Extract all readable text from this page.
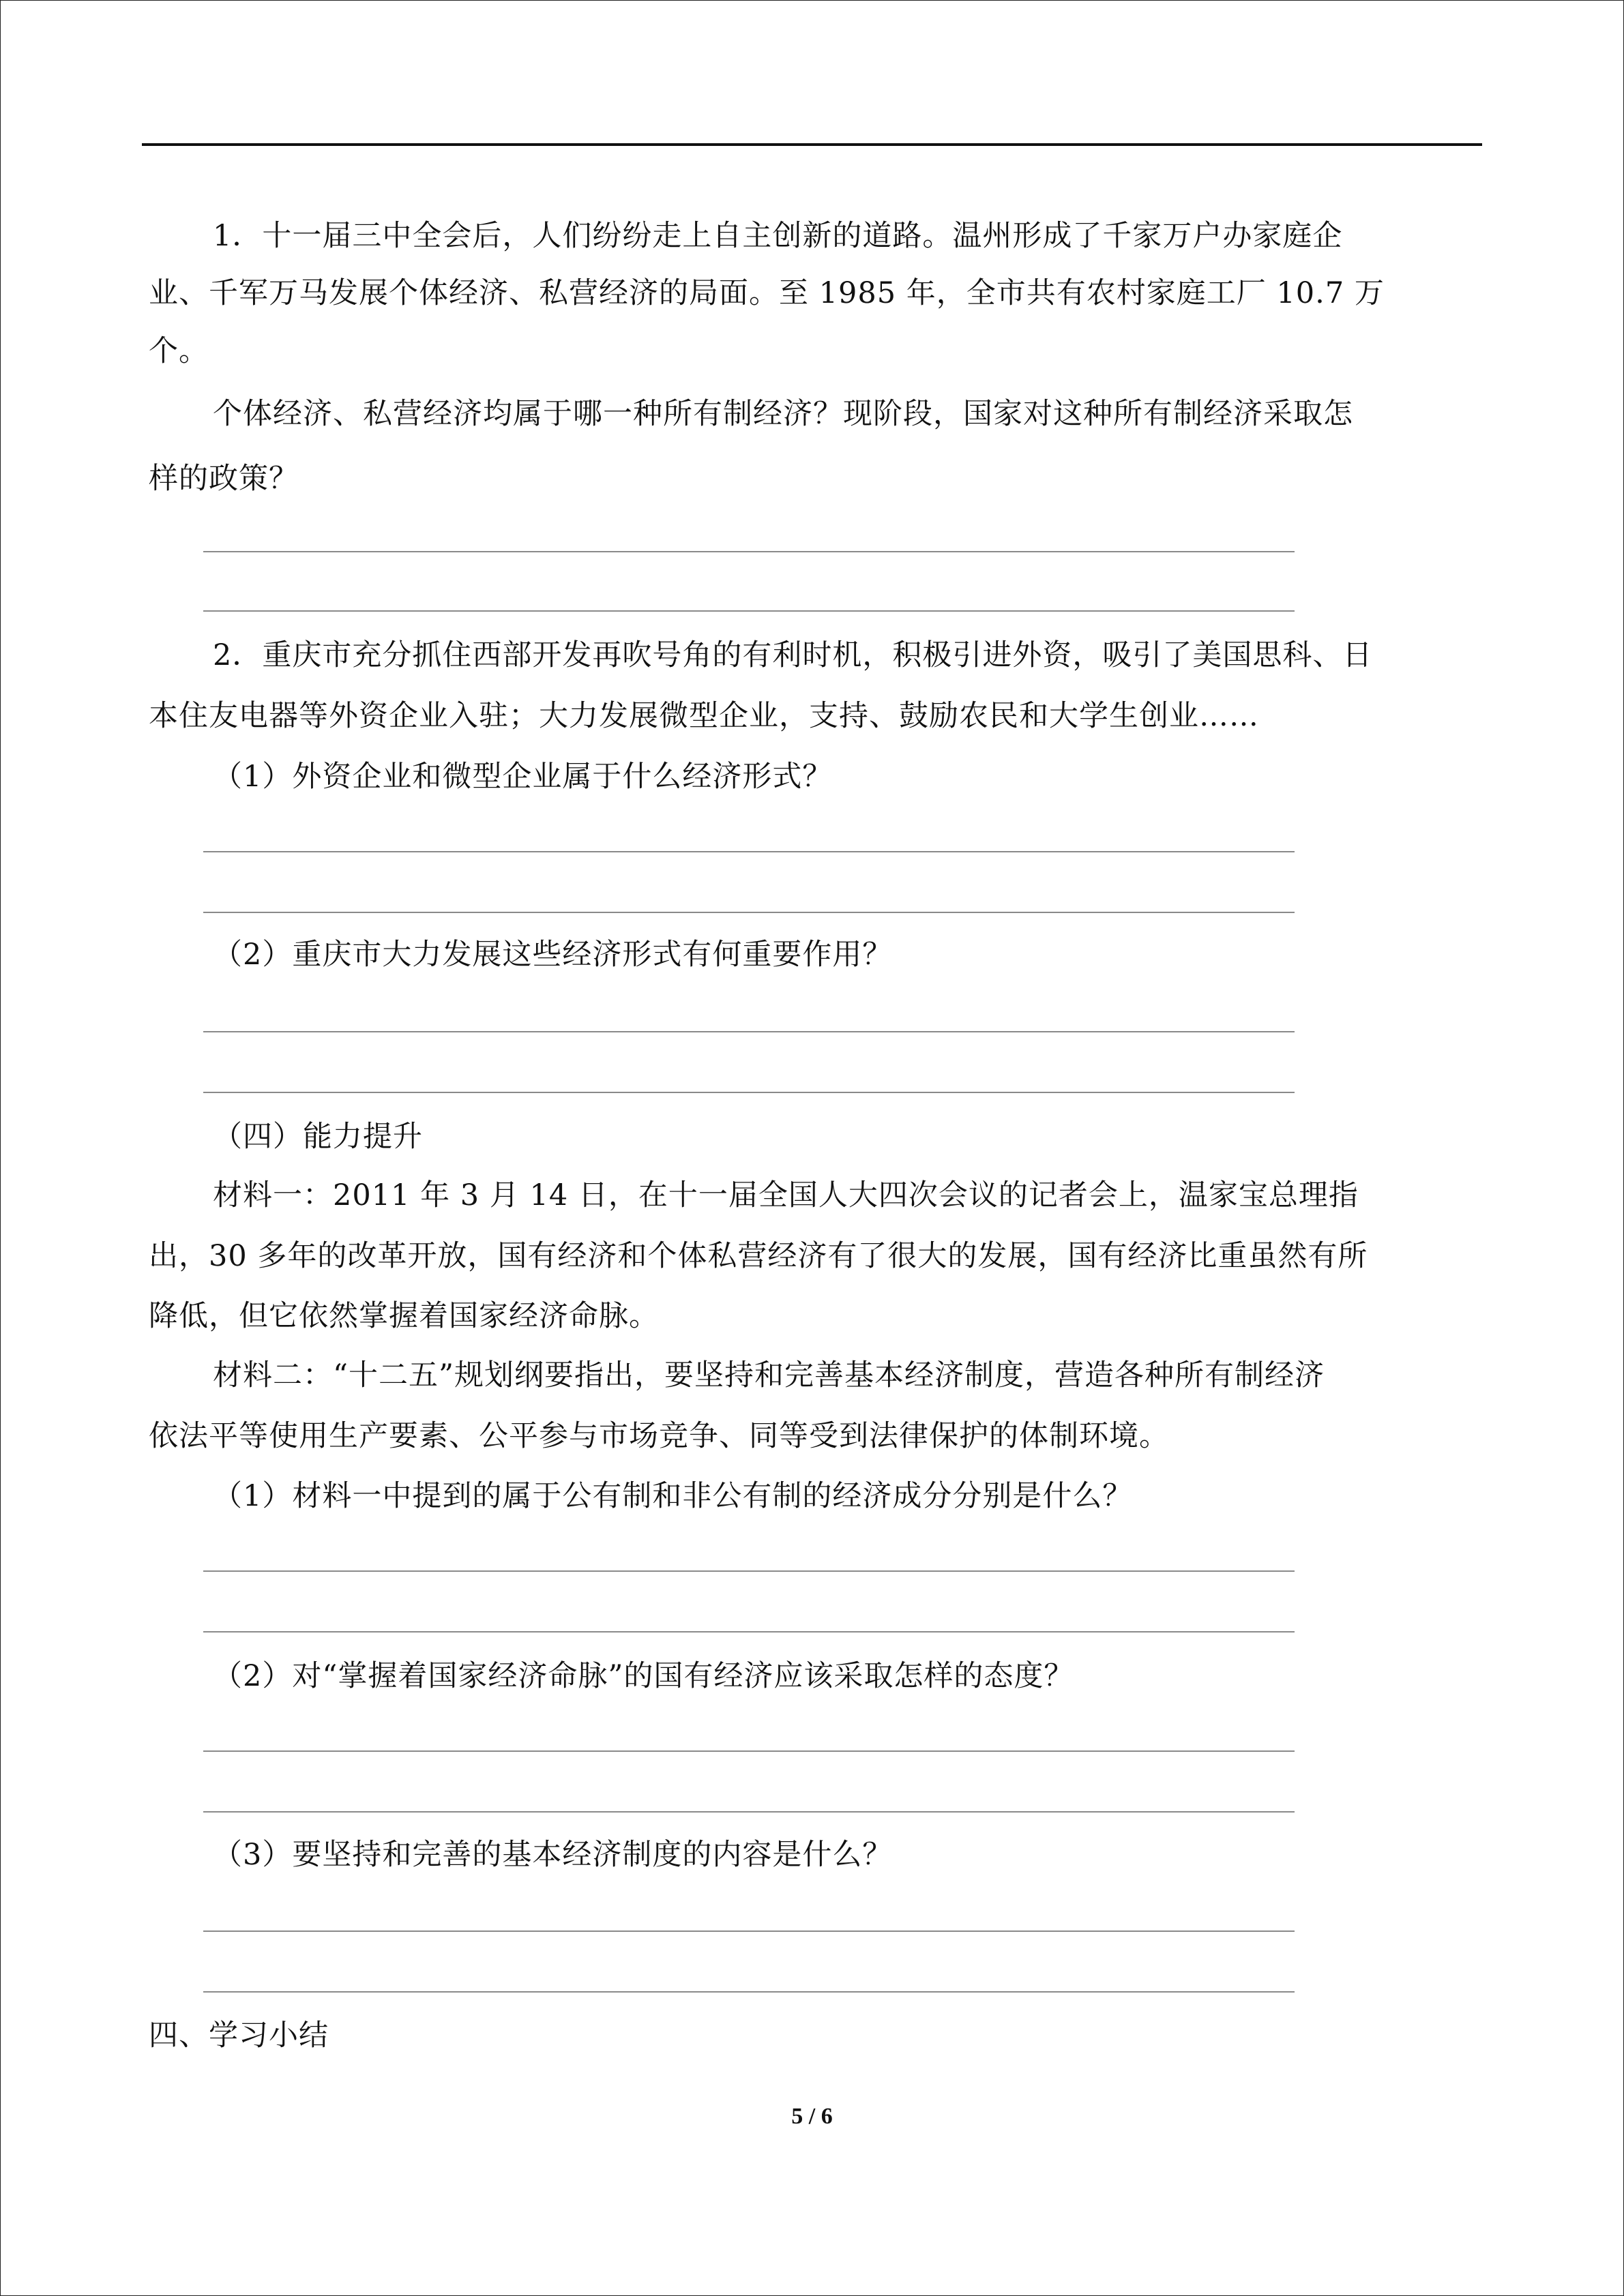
1．十一届三中全会后，人们纷纷走上自主创新的道路。温州形成了千家万户办家庭企
业、千军万马发展个体经济、私营经济的局面。至 1985 年，全市共有农村家庭工厂 10.7 万
个。
个体经济、私营经济均属于哪一种所有制经济？现阶段，国家对这种所有制经济采取怎
样的政策？
2．重庆市充分抓住西部开发再吹号角的有利时机，积极引进外资，吸引了美国思科、日
本住友电器等外资企业入驻；大力发展微型企业，支持、鼓励农民和大学生创业……
（1）外资企业和微型企业属于什么经济形式？
（2）重庆市大力发展这些经济形式有何重要作用？
（四）能力提升
材料一：2011 年 3 月 14 日，在十一届全国人大四次会议的记者会上，温家宝总理指
出，30 多年的改革开放，国有经济和个体私营经济有了很大的发展，国有经济比重虽然有所
降低，但它依然掌握着国家经济命脉。
材料二：“十二五”规划纲要指出，要坚持和完善基本经济制度，营造各种所有制经济
依法平等使用生产要素、公平参与市场竞争、同等受到法律保护的体制环境。
（1）材料一中提到的属于公有制和非公有制的经济成分分别是什么？
（2）对“掌握着国家经济命脉”的国有经济应该采取怎样的态度？
（3）要坚持和完善的基本经济制度的内容是什么？
四、学习小结
5 / 6
